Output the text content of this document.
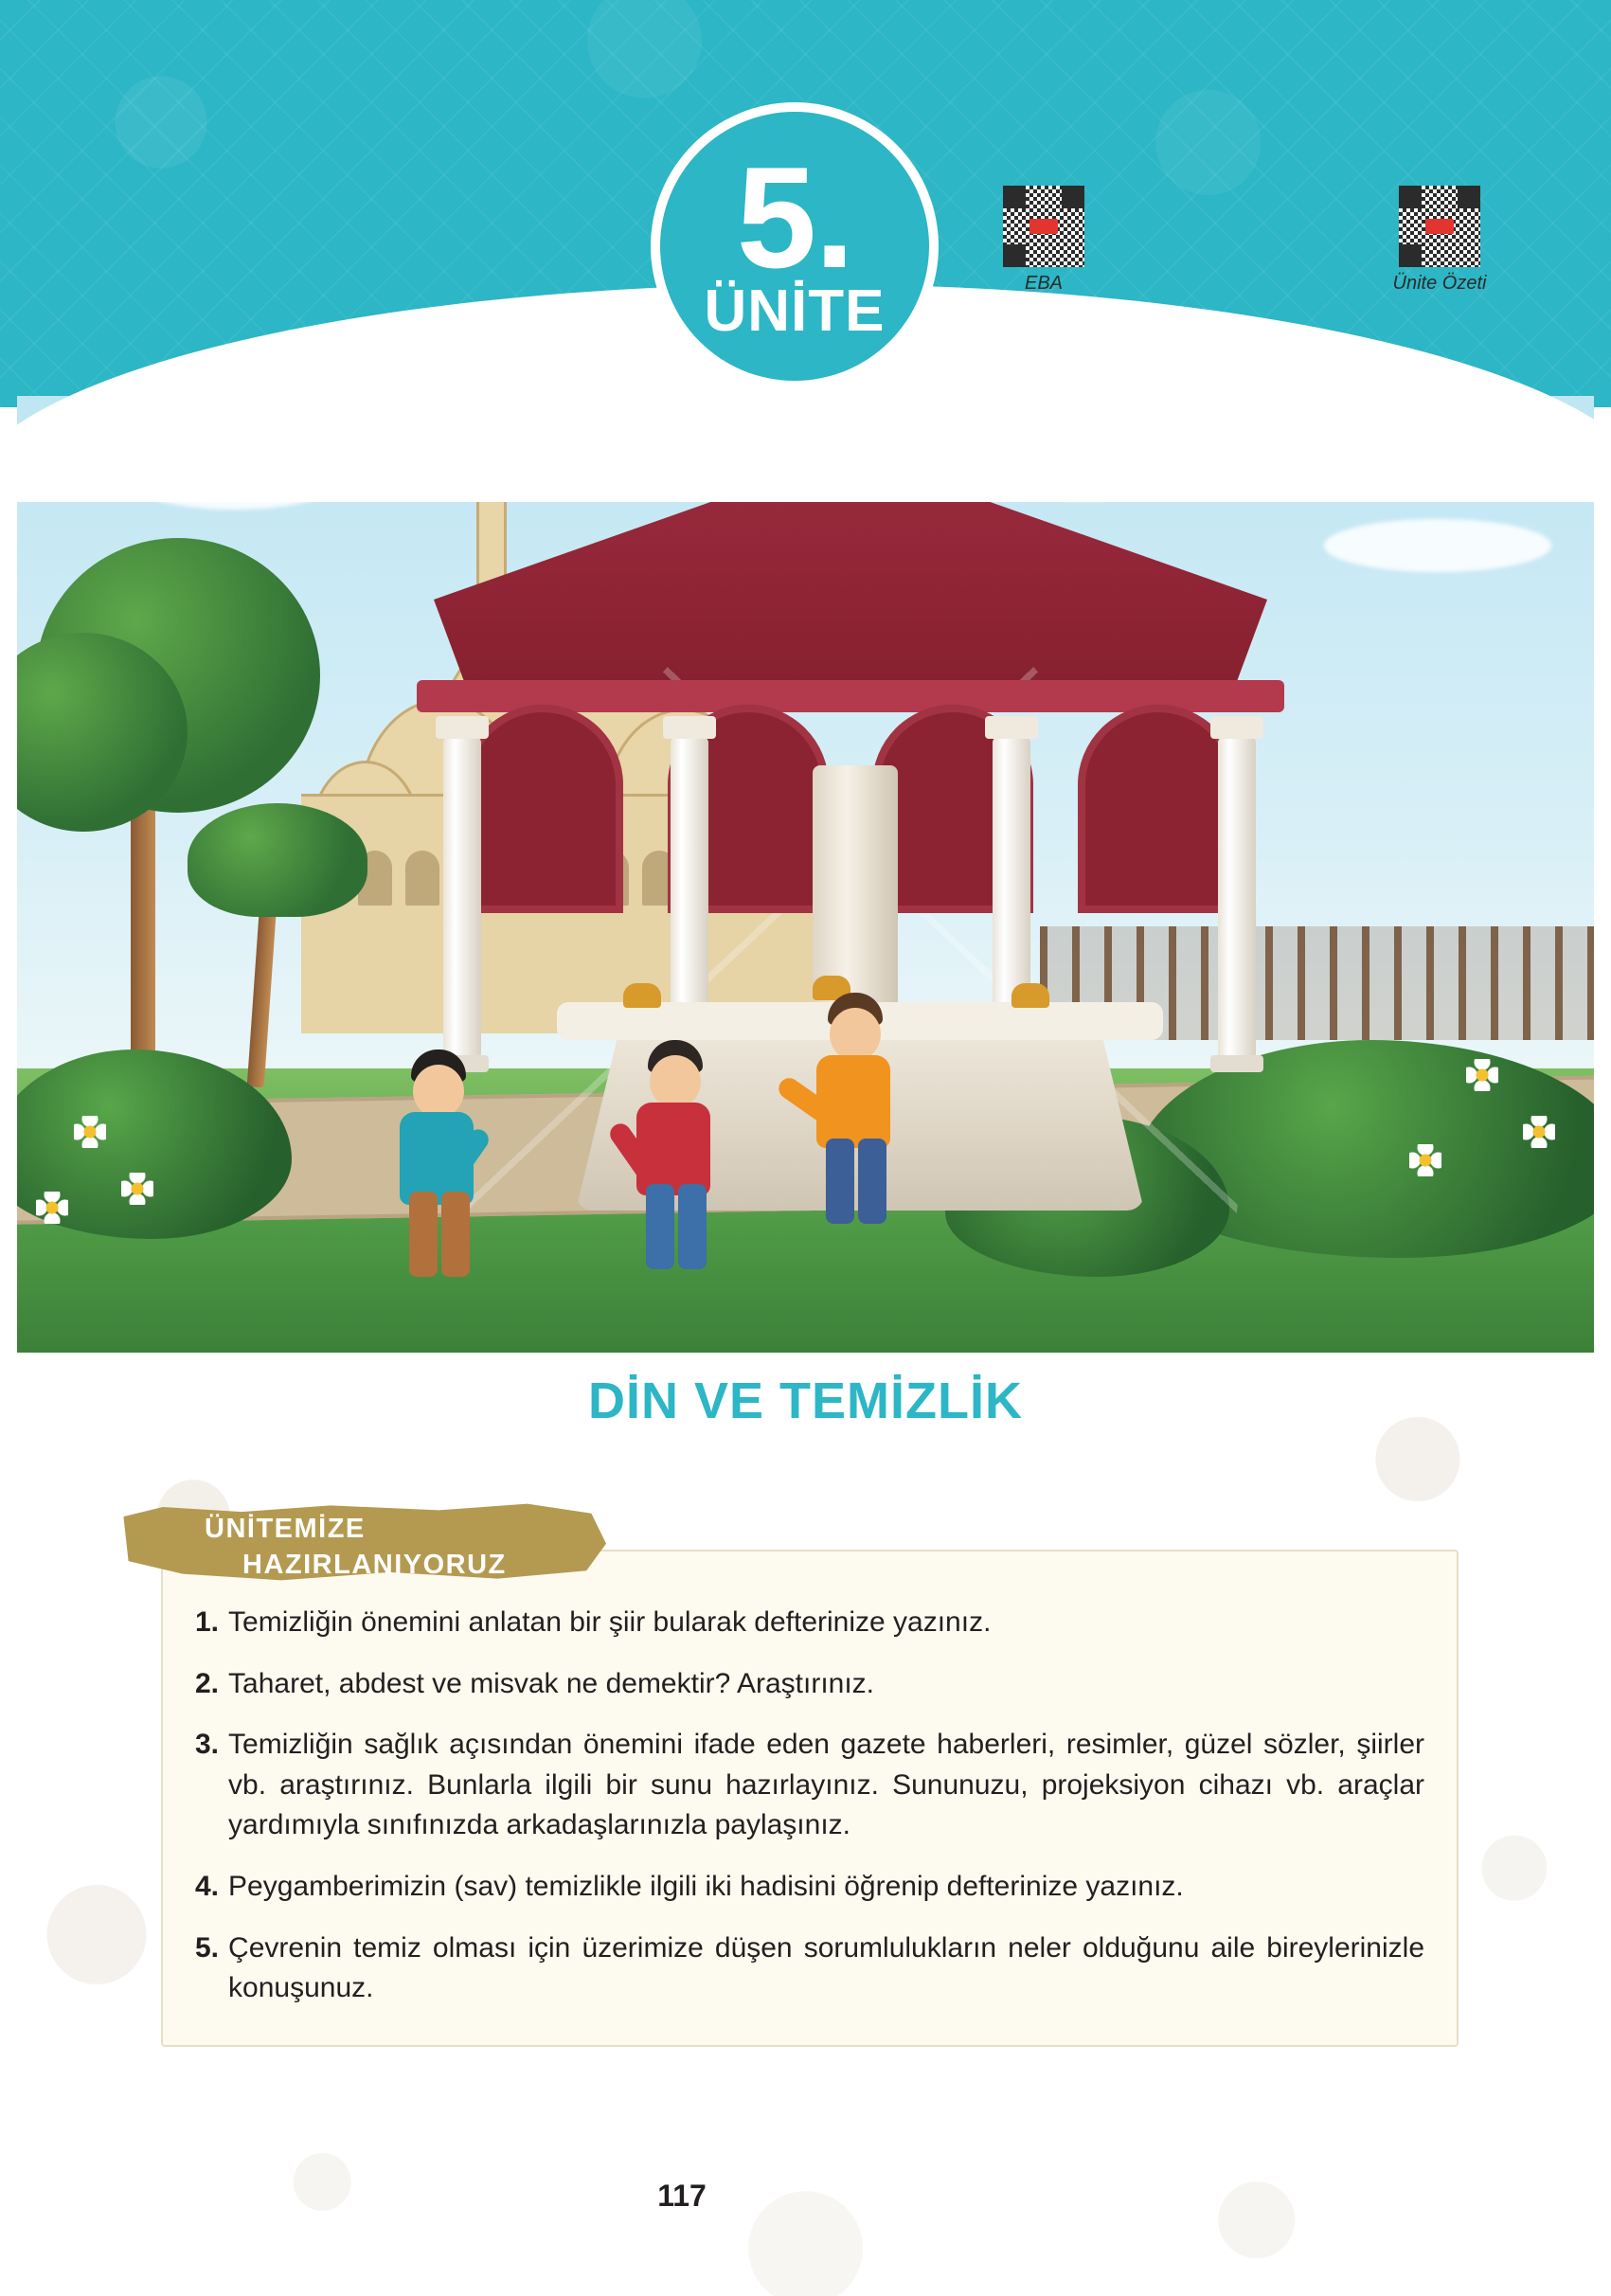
5.
ÜNİTE	EBA	Ünite Özeti
DİN VE TEMİZLİK
1. Temizliğin önemini anlatan bir şiir bularak defterinize yazınız.
2. Taharet, abdest ve misvak ne demektir? Araştırınız.
3. Temizliğin sağlık açısından önemini ifade eden gazete haberleri, resimler, güzel sözler, şiirler vb. araştırınız. Bunlarla ilgili bir sunu hazırlayınız. Sununuzu, projeksiyon cihazı vb. araçlar yardımıyla sınıfınızda arkadaşlarınızla paylaşınız.
4. Peygamberimizin (sav) temizlikle ilgili iki hadisini öğrenip defterinize yazınız.
5. Çevrenin temiz olması için üzerimize düşen sorumlulukların neler olduğunu aile bireylerinizle konuşunuz.
ÜNİTEMİZE
HAZIRLANIYORUZ
117
